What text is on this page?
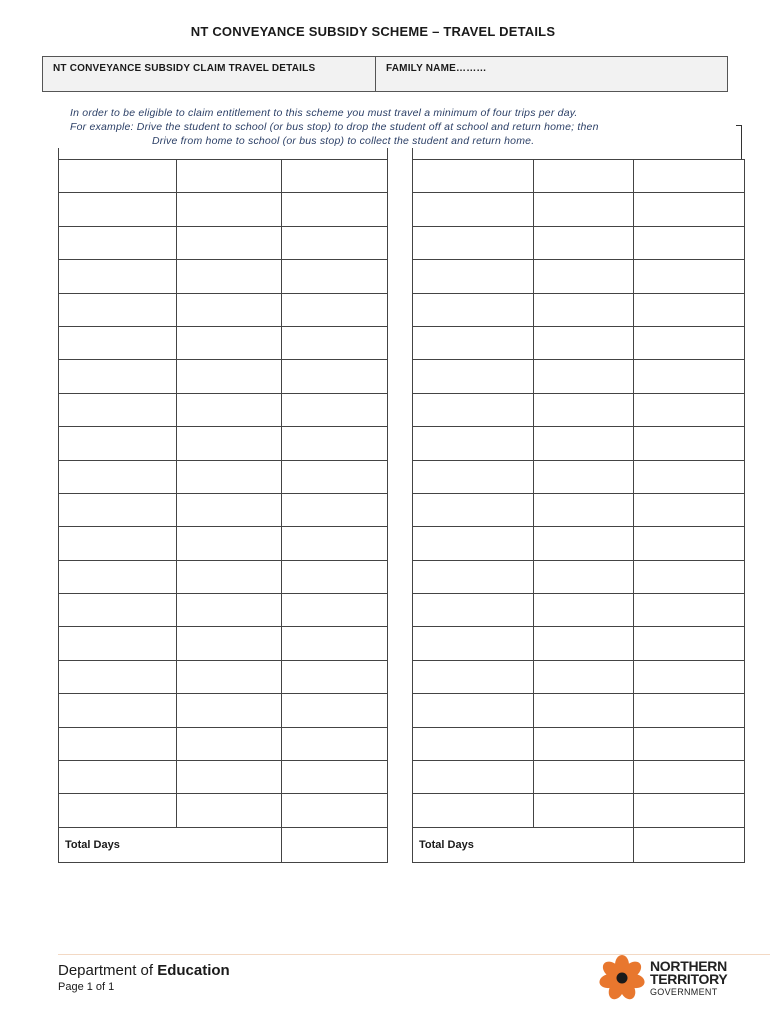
NT CONVEYANCE SUBSIDY SCHEME – TRAVEL DETAILS
NT CONVEYANCE SUBSIDY CLAIM TRAVEL DETAILS	FAMILY NAME………
In order to be eligible to claim entitlement to this scheme you must travel a minimum of four trips per day.
For example: Drive the student to school (or bus stop) to drop the student off at school and return home; then
Drive from home to school (or bus stop) to collect the student and return home.

Total Days		

			Total Days		
Department of Education
Page 1 of 1
NORTHERN
TERRITORY
GOVERNMENT
